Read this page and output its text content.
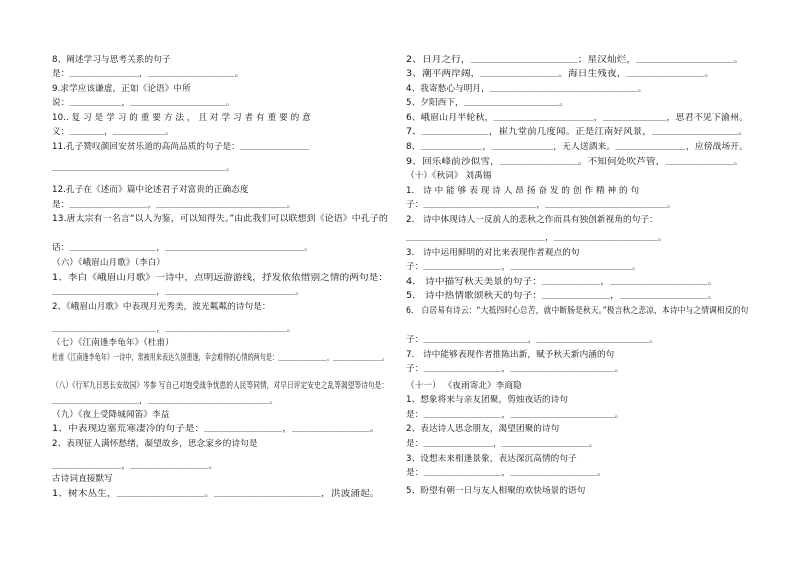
8、阐述学习与思考关系的句子
是：＿＿＿＿＿＿＿＿，＿＿＿＿＿＿＿＿＿＿。
9.求学应该谦虚，正如《论语》中所
说：＿＿＿＿＿＿，＿＿＿＿＿＿＿＿＿＿＿。
10.. 复 习 是 学 习 的 重 要 方 法 ， 且 对 学 习 者 有 重 要 的 意
义：＿＿＿＿，＿＿＿＿＿＿。
11.孔子赞叹颜回安贫乐道的高尚品质的句子是：＿＿＿＿＿＿＿＿
＿＿＿＿＿＿＿＿＿＿＿＿＿＿＿＿＿＿＿＿。
12.孔子在《述而》篇中论述君子对富贵的正确态度
是：＿＿＿＿＿＿＿＿＿，＿＿＿＿＿＿＿＿＿＿＿＿＿＿＿。
13.唐太宗有一名言“以人为鉴，可以知得失。”由此我们可以联想到《论语》中孔子的
话：＿＿＿＿＿＿＿＿＿＿，＿＿＿＿＿＿＿＿＿＿＿＿＿＿＿＿。
（六）《峨眉山月歌》（李白）
1、李白《峨眉山月歌》一诗中，点明远游游线，抒发依依惜别之情的两句是：
＿＿＿＿＿＿＿＿＿＿＿＿，＿＿＿＿＿＿＿＿＿＿＿＿＿＿＿。
2、《峨眉山月歌》中表现月光秀美，波光粼粼的诗句是：
＿＿＿＿＿＿＿＿＿＿＿＿，＿＿＿＿＿＿＿＿＿＿＿＿＿＿。
（七）《江南逢李龟年》（杜甫）
杜甫《江南逢李龟年》一诗中，常被用来表达久别重逢，幸会难得的心情的两句是：＿＿＿＿＿＿＿＿，＿＿＿＿＿＿＿＿。
（八）《行军九日思长安故园》岑参 写自己对饱受战争忧患的人民等同情，对早日评定安史之乱等渴望等诗句是：
＿＿＿＿＿＿＿＿＿＿，＿＿＿＿＿＿＿＿＿＿＿＿＿＿。
（九）《夜上受降城闻笛》李益
1、中表现边塞荒寒凄冷的句子是：＿＿＿＿＿＿＿＿，＿＿＿＿＿＿＿＿。
2、表现征人满怀愁绪，凝望故乡，思念家乡的诗句是
＿＿＿＿＿＿＿＿，＿＿＿＿＿＿＿＿＿。
古诗词直接默写
1、树木丛生，＿＿＿＿＿＿＿＿＿。＿＿＿＿＿＿＿＿＿＿＿，洪波涌起。
2、日月之行，＿＿＿＿＿＿＿＿＿＿＿；星汉灿烂，＿＿＿＿＿＿＿＿＿＿。
3、潮平两岸阔，＿＿＿＿＿＿＿＿。海日生残夜，＿＿＿＿＿＿＿＿。
4、我寄愁心与明月，＿＿＿＿＿＿＿＿＿＿＿＿＿＿＿＿＿。
5、夕阳西下，＿＿＿＿＿＿＿＿＿＿＿。
6、峨眉山月半轮秋，＿＿＿＿＿＿＿＿＿＿＿，＿＿＿＿＿＿＿，思君不见下渝州。
7、＿＿＿＿＿＿＿，崔九堂前几度闻。正是江南好风景，＿＿＿＿＿＿＿＿＿。
8、＿＿＿＿＿＿＿，＿＿＿＿＿＿＿，无人送酒来。＿＿＿＿＿＿＿＿，应傍战场开。
9、回乐峰前沙似雪，＿＿＿＿＿＿＿＿。不知何处吹芦管，＿＿＿＿＿＿＿。
（十）《秋词》 刘禹锡
1． 诗 中 能 够 表 现 诗 人 昂 扬 奋 发 的 创 作 精 神 的 句
子：＿＿＿＿＿＿＿＿＿＿＿＿＿，＿＿＿＿＿＿＿＿＿＿＿＿＿＿。
2． 诗中体现诗人一反前人的悲秋之作而具有独创新视角的句子：
＿＿＿＿＿＿＿＿＿＿＿＿＿＿＿＿，＿＿＿＿＿＿＿＿＿＿＿＿。
3． 诗中运用鲜明的对比来表现作者观点的句
子：＿＿＿＿＿＿＿＿＿，＿＿＿＿＿＿＿＿＿＿＿＿＿＿。
4． 诗中描写秋天美景的句子：＿＿＿＿＿＿，＿＿＿＿＿＿＿＿＿＿。
5． 诗中热情歌颂秋天的句子：＿＿＿＿＿＿＿，＿＿＿＿＿＿＿＿＿。
6． 白居易有诗云：“大抵四时心总苦，就中断肠是秋天。”极言秋之悲凉，本诗中与之情调相反的句
子：＿＿＿＿＿＿＿＿＿＿＿＿，＿＿＿＿＿＿＿＿＿＿＿＿＿。
7． 诗中能够表现作者推陈出新，赋予秋天新内涵的句
子：＿＿＿＿＿＿＿＿＿，＿＿＿＿＿＿＿＿＿＿＿＿。
（十一） 《夜雨寄北》李商隐
1、想象将来与亲友团聚，剪烛夜话的诗句
是：＿＿＿＿＿＿＿＿＿，＿＿＿＿＿＿＿＿＿＿＿＿。
2、表达诗人思念朋友，渴望团聚的诗句
是：＿＿＿＿＿＿＿＿，＿＿＿＿＿＿＿＿＿＿。
3、设想未来相逢景象，表达深沉高情的句子
是：＿＿＿＿＿＿＿＿＿，＿＿＿＿＿＿＿＿＿＿。
5、盼望有朝一日与友人相聚的欢快场景的语句
